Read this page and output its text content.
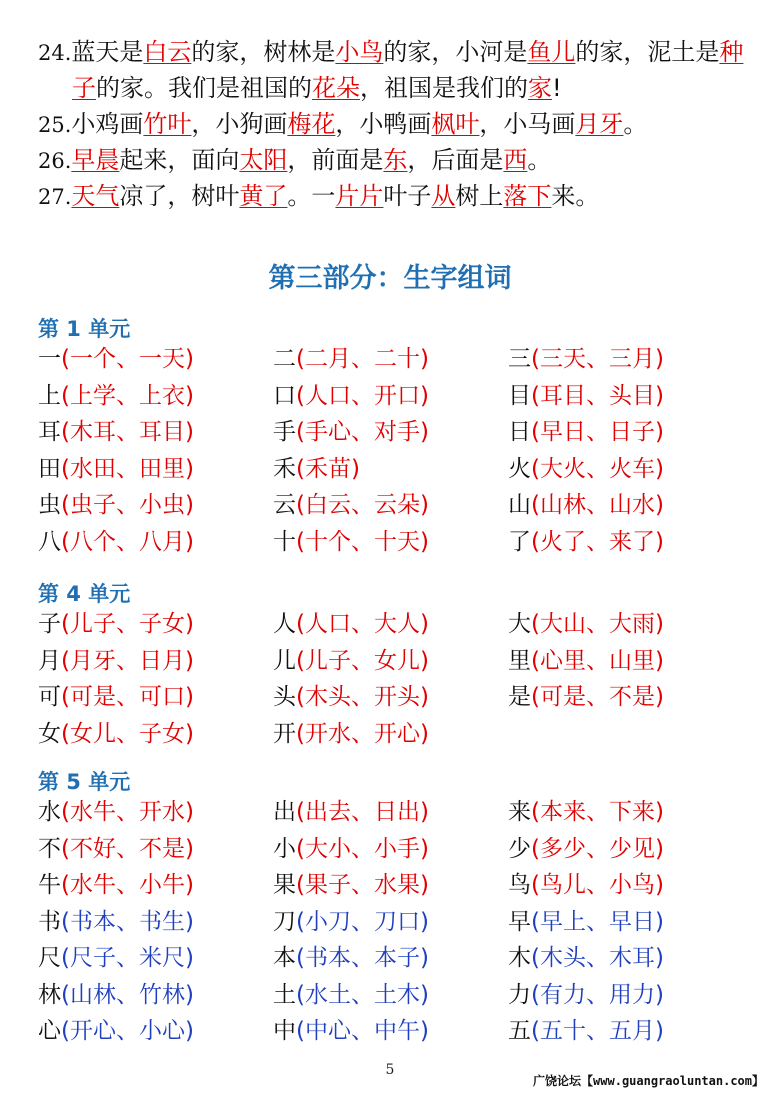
24.蓝天是白云的家，树林是小鸟的家，小河是鱼儿的家，泥土是种
子的家。我们是祖国的花朵，祖国是我们的家!
25.小鸡画竹叶，小狗画梅花，小鸭画枫叶，小马画月牙。
26.早晨起来，面向太阳，前面是东，后面是西。
27.天气凉了，树叶黄了。一片片叶子从树上落下来。
第三部分：生字组词
第 1 单元
一(一个、一天)	二(二月、二十)	三(三天、三月)
上(上学、上衣)	口(人口、开口)	目(耳目、头目)
耳(木耳、耳目)	手(手心、对手)	日(早日、日子)
田(水田、田里)	禾(禾苗)	火(大火、火车)
虫(虫子、小虫)	云(白云、云朵)	山(山林、山水)
八(八个、八月)	十(十个、十天)	了(火了、来了)
第 4 单元
子(儿子、子女)	人(人口、大人)	大(大山、大雨)
月(月牙、日月)	儿(儿子、女儿)	里(心里、山里)
可(可是、可口)	头(木头、开头)	是(可是、不是)
女(女儿、子女)	开(开水、开心)
第 5 单元
水(水牛、开水)	出(出去、日出)	来(本来、下来)
不(不好、不是)	小(大小、小手)	少(多少、少见)
牛(水牛、小牛)	果(果子、水果)	鸟(鸟儿、小鸟)
书(书本、书生)	刀(小刀、刀口)	早(早上、早日)
尺(尺子、米尺)	本(书本、本子)	木(木头、木耳)
林(山林、竹林)	土(水土、土木)	力(有力、用力)
心(开心、小心)	中(中心、中午)	五(五十、五月)
5
广饶论坛【www.guangraoluntan.com】
